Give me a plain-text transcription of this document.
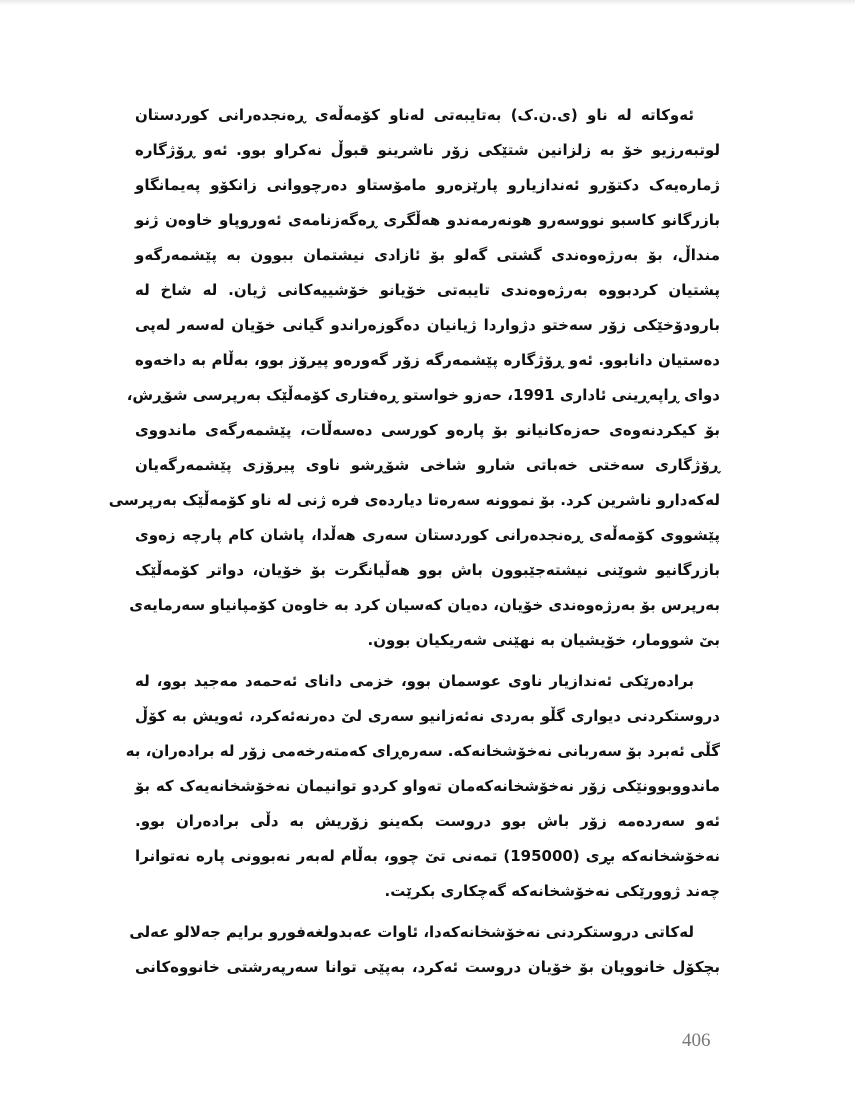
ئەوکاتە لە ناو (ی.ن.ک) بەتایبەتی لەناو کۆمەڵەی ڕەنجدەرانی کوردستان
لوتبەرزیو خۆ بە زلزانین شتێکی زۆر ناشرینو قبوڵ نەکراو بوو. ئەو ڕۆژگارە
ژمارەیەک دکتۆرو ئەندازیارو پارێزەرو مامۆستاو دەرچووانی زانکۆو پەیمانگاو
بازرگانو کاسبو نووسەرو هونەرمەندو هەڵگری ڕەگەزنامەی ئەوروپاو خاوەن ژنو
منداڵ، بۆ بەرژەوەندی گشتی گەلو بۆ ئازادی نیشتمان ببوون بە پێشمەرگەو
پشتیان کردبووە بەرژەوەندی تایبەتی خۆیانو خۆشییەکانی ژیان. لە شاخ لە
بارودۆخێکی زۆر سەختو دژواردا ژیانیان دەگوزەراندو گیانی خۆیان لەسەر لەپی
دەستیان دانابوو. ئەو ڕۆژگارە پێشمەرگە زۆر گەورەو پیرۆز بوو، بەڵام بە داخەوە
دوای ڕاپەڕینی ئاداری 1991، حەزو خواستو ڕەفتاری کۆمەڵێک بەرپرسی شۆڕش،
بۆ کیکردنەوەی حەزەکانیانو بۆ پارەو کورسی دەسەڵات، پێشمەرگەی ماندووی
ڕۆژگاری سەختی خەباتی شارو شاخی شۆڕشو ناوی پیرۆزی پێشمەرگەیان
لەکەدارو ناشرین کرد. بۆ نموونە سەرەتا دیاردەی فرە ژنی لە ناو کۆمەڵێک بەرپرسی
پێشووی کۆمەڵەی ڕەنجدەرانی کوردستان سەری هەڵدا، پاشان کام پارچە زەوی
بازرگانیو شوێنی نیشتەجێبوون باش بوو هەڵیانگرت بۆ خۆیان، دواتر کۆمەڵێک
بەرپرس بۆ بەرژەوەندی خۆیان، دەیان کەسیان کرد بە خاوەن کۆمپانیاو سەرمایەی
بێ شوومار، خۆیشیان بە نهێنی شەریکیان بوون.
برادەرێکی ئەندازیار ناوی عوسمان بوو، خزمی داناى ئەحمەد مەجید بوو، لە
دروستکردنی دیواری گڵو بەردی نەئەزانیو سەری لێ دەرنەئەکرد، ئەویش بە کۆڵ
گڵی ئەبرد بۆ سەربانی نەخۆشخانەکە. سەرەڕای کەمتەرخەمی زۆر لە برادەران، بە
ماندووبوونێکی زۆر نەخۆشخانەکەمان تەواو کردو توانیمان نەخۆشخانەیەک کە بۆ
ئەو سەردەمە زۆر باش بوو دروست بکەینو زۆریش بە دڵی برادەران بوو.
نەخۆشخانەکە بڕی (195000) تمەنی تێ چوو، بەڵام لەبەر نەبوونی پارە نەتوانرا
چەند ژوورێکی نەخۆشخانەکە گەچکاری بکرێت.
لەکاتی دروستکردنی نەخۆشخانەکەدا، ئاوات عەبدولغەفورو برایم جەلالو عەلی
بچکۆل خانوویان بۆ خۆیان دروست ئەکرد، بەپێی توانا سەرپەرشتی خانووەکانی
406
